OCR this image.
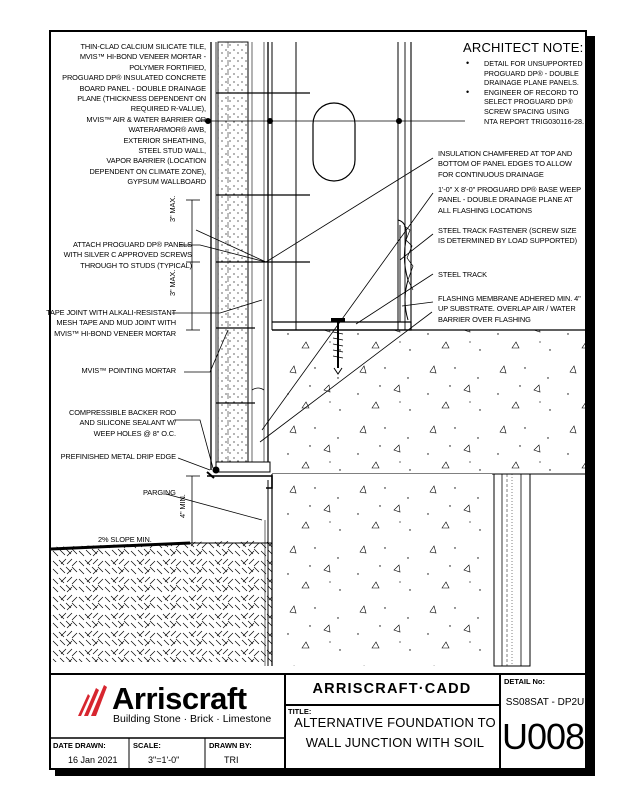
THIN-CLAD CALCIUM SILICATE TILE,
MVIS™ HI-BOND VENEER MORTAR -
POLYMER FORTIFIED,
PROGUARD DP® INSULATED CONCRETE
BOARD PANEL - DOUBLE DRAINAGE
PLANE (THICKNESS DEPENDENT ON
REQUIRED R-VALUE),
MVIS™ AIR & WATER BARRIER OR
WATERARMOR® AWB,
EXTERIOR SHEATHING,
STEEL STUD WALL,
VAPOR BARRIER (LOCATION
DEPENDENT ON CLIMATE ZONE),
GYPSUM WALLBOARD
ATTACH PROGUARD DP® PANELS
WITH SILVER C APPROVED SCREWS
THROUGH TO STUDS (TYPICAL)
TAPE JOINT WITH ALKALI-RESISTANT
MESH TAPE AND MUD JOINT WITH
MVIS™ HI-BOND VENEER MORTAR
MVIS™ POINTING MORTAR
COMPRESSIBLE BACKER ROD
AND SILICONE SEALANT W/
WEEP HOLES @ 8" O.C.
PREFINISHED METAL DRIP EDGE
PARGING
2% SLOPE MIN.
3" MAX.
3" MAX.
4" MIN.
ARCHITECT NOTE:
• DETAIL FOR UNSUPPORTED PROGUARD DP® - DOUBLE DRAINAGE PLANE PANELS.
• ENGINEER OF RECORD TO SELECT PROGUARD DP® SCREW SPACING USING NTA REPORT TRIG030116-28.
INSULATION CHAMFERED AT TOP AND
BOTTOM OF PANEL EDGES TO ALLOW
FOR CONTINUOUS DRAINAGE
1'-0" X 8'-0" PROGUARD DP® BASE WEEP
PANEL - DOUBLE DRAINAGE PLANE AT
ALL FLASHING LOCATIONS
STEEL TRACK FASTENER (SCREW SIZE
IS DETERMINED BY LOAD SUPPORTED)
STEEL TRACK
FLASHING MEMBRANE ADHERED MIN. 4"
UP SUBSTRATE. OVERLAP AIR / WATER
BARRIER OVER FLASHING
Arriscraft
Building Stone · Brick · Limestone
ARRISCRAFT·CADD
TITLE:
ALTERNATIVE FOUNDATION TO WALL JUNCTION WITH SOIL
DETAIL No:
SS08SAT - DP2U
U008
DATE DRAWN:
16 Jan 2021
SCALE:
3"=1'-0"
DRAWN BY:
TRI
